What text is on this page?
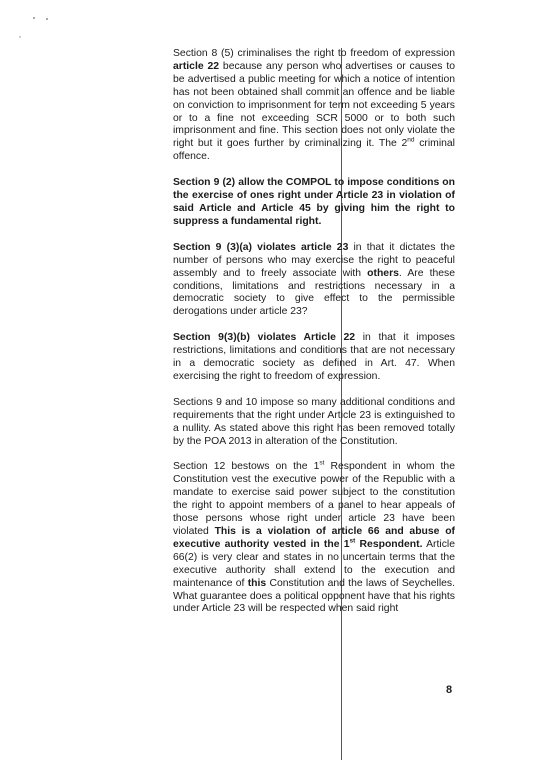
Section 8 (5) criminalises the right to freedom of expression article 22 because any person who advertises or causes to be advertised a public meeting for which a notice of intention has not been obtained shall commit an offence and be liable on conviction to imprisonment for term not exceeding 5 years or to a fine not exceeding SCR 5000 or to both such imprisonment and fine. This section does not only violate the right but it goes further by criminalizing it. The 2nd criminal offence.

Section 9 (2) allow the COMPOL to impose conditions on the exercise of ones right under Article 23 in violation of said Article and Article 45 by giving him the right to suppress a fundamental right.

Section 9 (3)(a) violates article 23 in that it dictates the number of persons who may exercise the right to peaceful assembly and to freely associate with others. Are these conditions, limitations and restrictions necessary in a democratic society to give effect to the permissible derogations under article 23?

Section 9(3)(b) violates Article 22 in that it imposes restrictions, limitations and conditions that are not necessary in a democratic society as defined in Art. 47. When exercising the right to freedom of expression.

Sections 9 and 10 impose so many additional conditions and requirements that the right under Article 23 is extinguished to a nullity. As stated above this right has been removed totally by the POA 2013 in alteration of the Constitution.

Section 12 bestows on the 1st Respondent in whom the Constitution vest the executive power of the Republic with a mandate to exercise said power subject to the constitution the right to appoint members of a panel to hear appeals of those persons whose right under article 23 have been violated This is a violation of article 66 and abuse of executive authority vested in the 1st Respondent. Article 66(2) is very clear and states in no uncertain terms that the executive authority shall extend to the execution and maintenance of this Constitution and the laws of Seychelles. What guarantee does a political opponent have that his rights under Article 23 will be respected when said right

8
